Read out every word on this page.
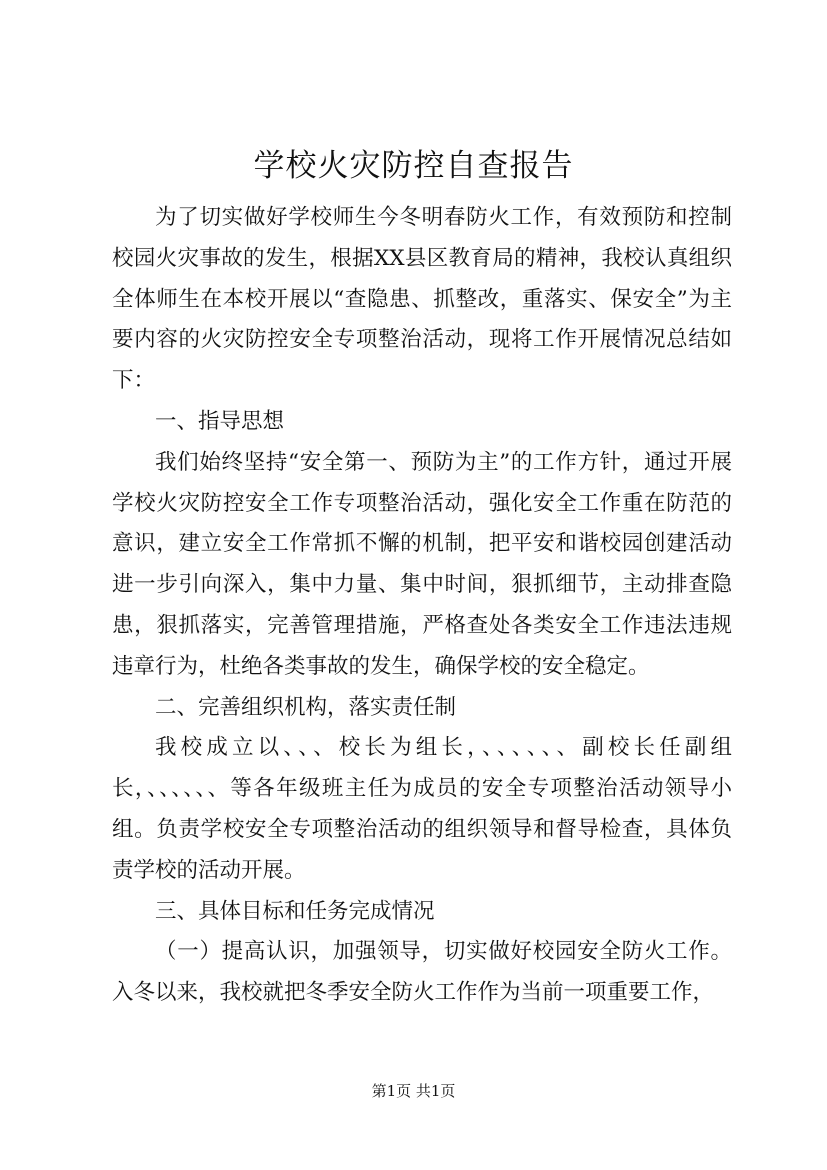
学校火灾防控自查报告

为了切实做好学校师生今冬明春防火工作，有效预防和控制校园火灾事故的发生，根据XX县区教育局的精神，我校认真组织全体师生在本校开展以“查隐患、抓整改，重落实、保安全”为主要内容的火灾防控安全专项整治活动，现将工作开展情况总结如下：

一、指导思想

我们始终坚持“安全第一、预防为主”的工作方针，通过开展学校火灾防控安全工作专项整治活动，强化安全工作重在防范的意识，建立安全工作常抓不懈的机制，把平安和谐校园创建活动进一步引向深入，集中力量、集中时间，狠抓细节，主动排查隐患，狠抓落实，完善管理措施，严格查处各类安全工作违法违规违章行为，杜绝各类事故的发生，确保学校的安全稳定。

二、完善组织机构，落实责任制

我校成立以、、、校长为组长，、、、、、、副校长任副组长，、、、、、、等各年级班主任为成员的安全专项整治活动领导小组。负责学校安全专项整治活动的组织领导和督导检查，具体负责学校的活动开展。

三、具体目标和任务完成情况

（一）提高认识，加强领导，切实做好校园安全防火工作。入冬以来，我校就把冬季安全防火工作作为当前一项重要工作，

第1页 共1页
